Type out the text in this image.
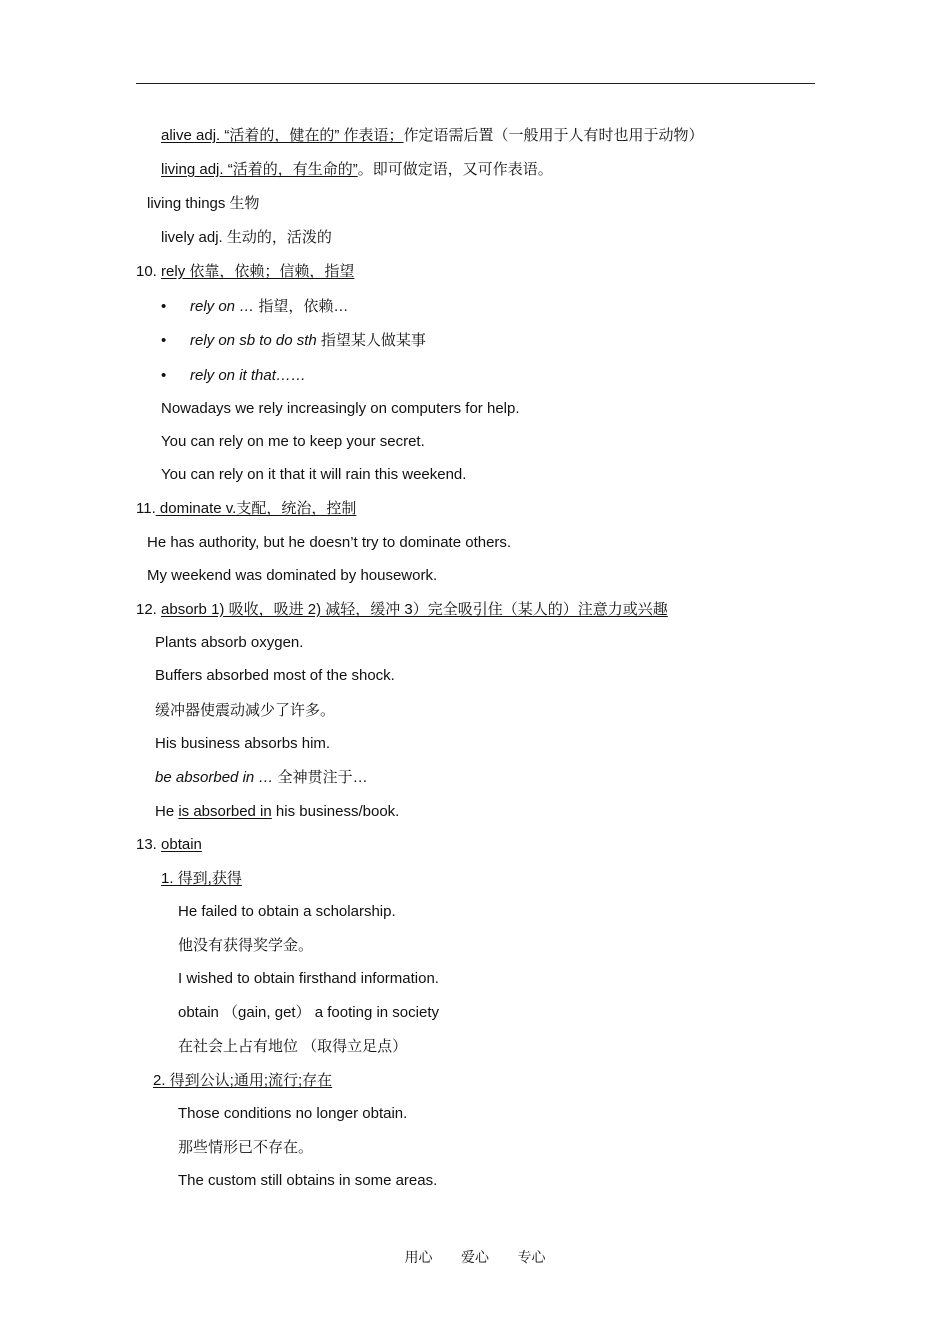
alive adj. “活着的，健在的” 作表语；作定语需后置（一般用于人有时也用于动物）
living adj. “活着的，有生命的”。即可做定语，又可作表语。
living things 生物
lively adj. 生动的，活泼的
10. rely 依靠，依赖；信赖，指望
• rely on … 指望，依赖…
• rely on sb to do sth 指望某人做某事
• rely on it that……
Nowadays we rely increasingly on computers for help.
You can rely on me to keep your secret.
You can rely on it that it will rain this weekend.
11. dominate v.支配，统治，控制
He has authority, but he doesn’t try to dominate others.
My weekend was dominated by housework.
12. absorb 1) 吸收，吸进 2) 减轻，缓冲 3）完全吸引住（某人的）注意力或兴趣
Plants absorb oxygen.
Buffers absorbed most of the shock.
缓冲器使震动减少了许多。
His business absorbs him.
be absorbed in … 全神贯注于…
He is absorbed in his business/book.
13. obtain
1. 得到,获得
He failed to obtain a scholarship.
他没有获得奖学金。
I wished to obtain firsthand information.
obtain （gain, get） a footing in society
在社会上占有地位 （取得立足点）
2. 得到公认;通用;流行;存在
Those conditions no longer obtain.
那些情形已不存在。
The custom still obtains in some areas.
用心 爱心 专心
